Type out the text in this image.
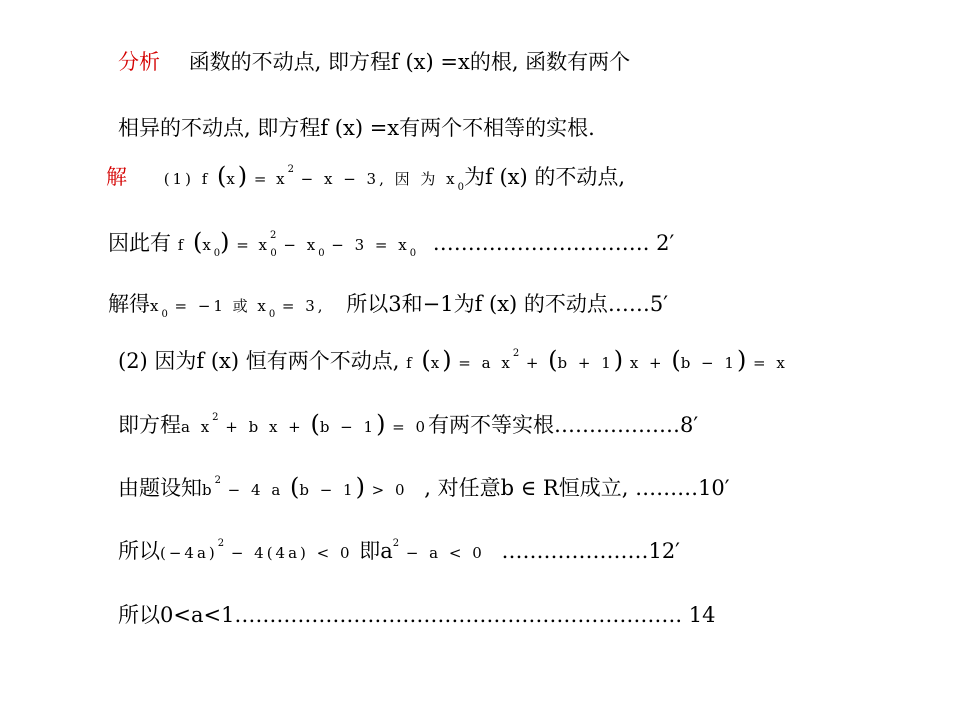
分析 函数的不动点, 即方程f (x) =x的根, 函数有两个
相异的不动点, 即方程f (x) =x有两个不相等的实根.
解 (1) f $(x) = x^2 - x - 3$, 因 为 $x_0$为f (x) 的不动点,
因此有 f $(x_0) = x^2_0 - x_0 - 3 = x_0$ …………………………. 2′
解得$x_0 = -1$ 或 $x_0 = 3$, 所以3和−1为f (x) 的不动点……5′
(2) 因为f (x) 恒有两个不动点, f (x) = a $x^2 + (b + 1) x + (b - 1) = x$
即方程a $x^2 + b$ x + (b − 1) = 0有两不等实根………………8′
由题设知$b^2 - 4$ a (b − 1) > 0 , 对任意b ∈ R恒成立, ………10′
所以$(-4a)^2 - 4(4a) < 0$ 即$a^2 - a < 0$ …………………12′
所以0<a<1………………………………………………………. 14
